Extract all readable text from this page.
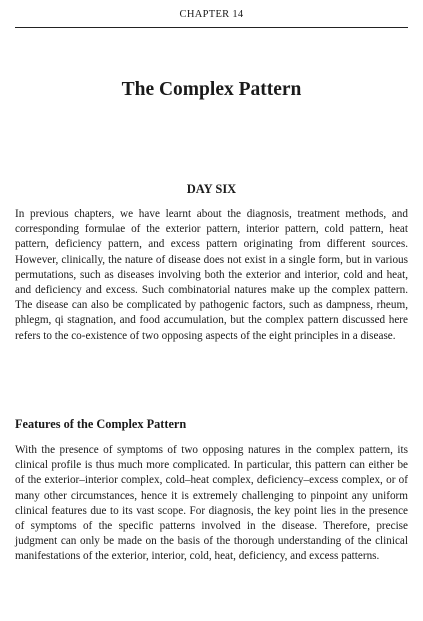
CHAPTER 14
The Complex Pattern
DAY SIX

In previous chapters, we have learnt about the diagnosis, treatment methods, and corresponding formulae of the exterior pattern, interior pattern, cold pattern, heat pattern, deficiency pattern, and excess pattern originating from different sources. However, clinically, the nature of disease does not exist in a single form, but in various permutations, such as diseases involving both the exterior and interior, cold and heat, and deficiency and excess. Such combinatorial natures make up the complex pattern. The disease can also be complicated by pathogenic factors, such as dampness, rheum, phlegm, qi stagnation, and food accumulation, but the complex pattern discussed here refers to the co-existence of two opposing aspects of the eight principles in a disease.

Features of the Complex Pattern

With the presence of symptoms of two opposing natures in the complex pattern, its clinical profile is thus much more complicated. In particular, this pattern can either be of the exterior–interior complex, cold–heat complex, deficiency–excess complex, or of many other circumstances, hence it is extremely challenging to pinpoint any uniform clinical features due to its vast scope. For diagnosis, the key point lies in the presence of symptoms of the specific patterns involved in the disease. Therefore, precise judgment can only be made on the basis of the thorough understanding of the clinical manifestations of the exterior, interior, cold, heat, deficiency, and excess patterns.
